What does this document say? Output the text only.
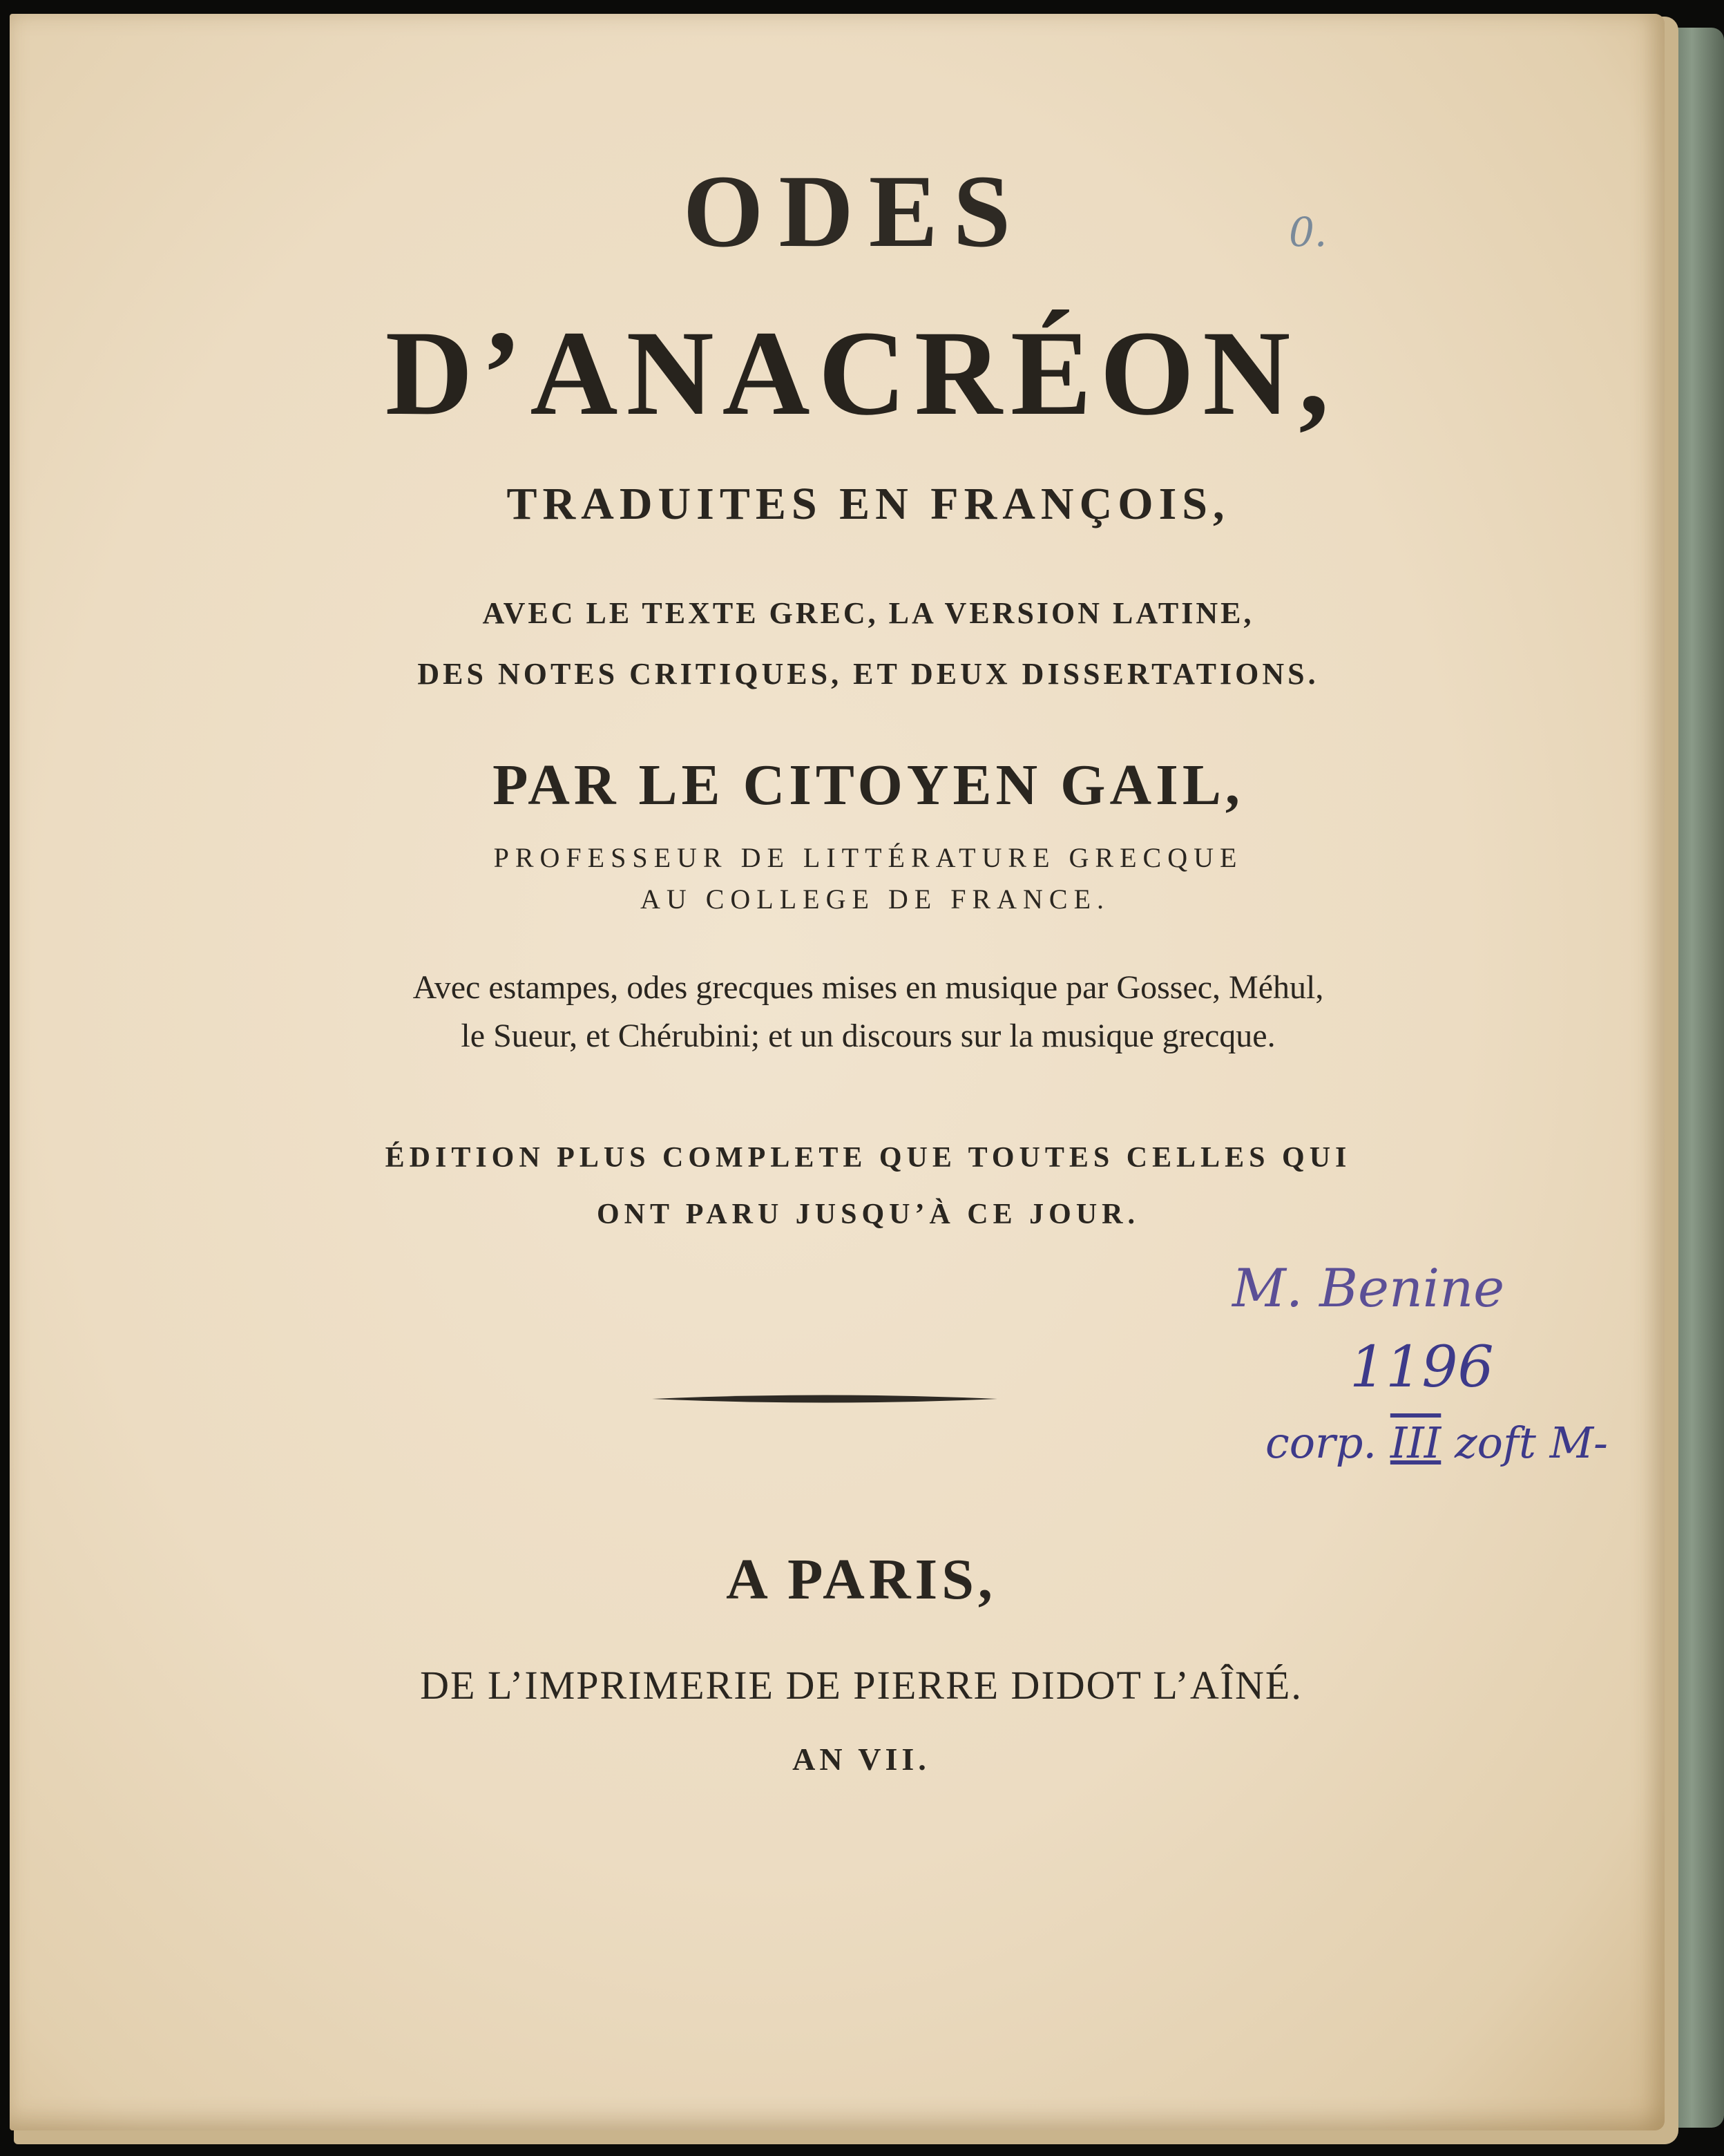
ODES
D’ANACRÉON,
TRADUITES EN FRANÇOIS,
AVEC LE TEXTE GREC, LA VERSION LATINE,
DES NOTES CRITIQUES, ET DEUX DISSERTATIONS.
PAR LE CITOYEN GAIL,
PROFESSEUR DE LITTÉRATURE GRECQUE
AU COLLEGE DE FRANCE.
Avec estampes, odes grecques mises en musique par Gossec, Méhul,
le Sueur, et Chérubini; et un discours sur la musique grecque.
ÉDITION PLUS COMPLETE QUE TOUTES CELLES QUI
ONT PARU JUSQU’À CE JOUR.
A PARIS,
DE L’IMPRIMERIE DE PIERRE DIDOT L’AÎNÉ.
AN VII.
0.
M. Benine
1196
corp. III zoft M-
